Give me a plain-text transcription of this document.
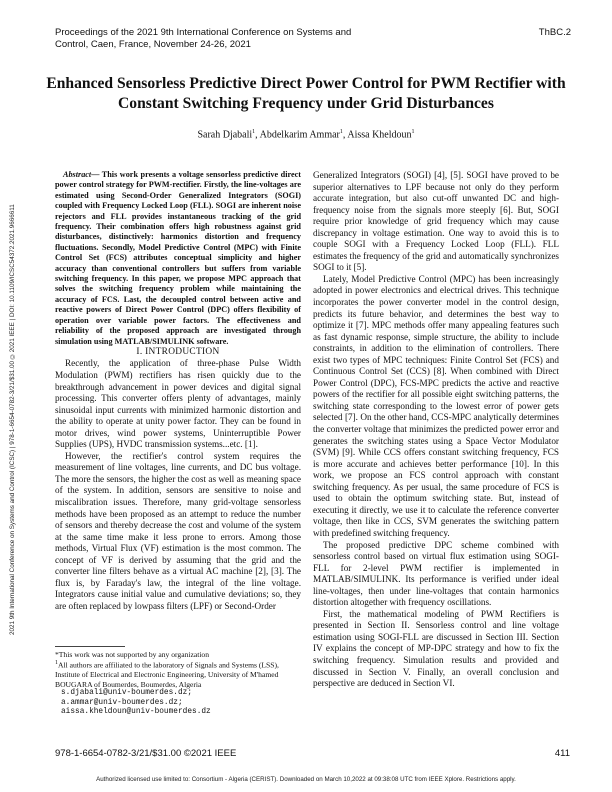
2021 9th International Conference on Systems and Control (ICSC) | 978-1-6654-0782-3/21/$31.00 ©2021 IEEE | DOI: 10.1109/ICSC54372.2021.9666611
Proceedings of the 2021 9th International Conference on Systems and Control, Caen, France, November 24-26, 2021
ThBC.2
Enhanced Sensorless Predictive Direct Power Control for PWM Rectifier with Constant Switching Frequency under Grid Disturbances
Sarah Djabali$^1$, Abdelkarim Ammar$^1$, Aissa Kheldoun$^1$

Abstract— This work presents a voltage sensorless predictive direct power control strategy for PWM-rectifier. Firstly, the line-voltages are estimated using Second-Order Generalized Integrators (SOGI) coupled with Frequency Locked Loop (FLL). SOGI are inherent noise rejectors and FLL provides instantaneous tracking of the grid frequency. Their combination offers high robustness against grid disturbances, distinctively: harmonics distortion and frequency fluctuations. Secondly, Model Predictive Control (MPC) with Finite Control Set (FCS) attributes conceptual simplicity and higher accuracy than conventional controllers but suffers from variable switching frequency. In this paper, we propose MPC approach that solves the switching frequency problem while maintaining the accuracy of FCS. Last, the decoupled control between active and reactive powers of Direct Power Control (DPC) offers flexibility of operation over variable power factors. The effectiveness and reliability of the proposed approach are investigated through simulation using MATLAB/SIMULINK software.

I. INTRODUCTION

Recently, the application of three-phase Pulse Width Modulation (PWM) rectifiers has risen quickly due to the breakthrough advancement in power devices and digital signal processing. This converter offers plenty of advantages, mainly sinusoidal input currents with minimized harmonic distortion and the ability to operate at unity power factor. They can be found in motor drives, wind power systems, Uninterruptible Power Supplies (UPS), HVDC transmission systems...etc. [1].

However, the rectifier's control system requires the measurement of line voltages, line currents, and DC bus voltage. The more the sensors, the higher the cost as well as meaning space of the system. In addition, sensors are sensitive to noise and miscalibration issues. Therefore, many grid-voltage sensorless methods have been proposed as an attempt to reduce the number of sensors and thereby decrease the cost and volume of the system at the same time make it less prone to errors. Among those methods, Virtual Flux (VF) estimation is the most common. The concept of VF is derived by assuming that the grid and the converter line filters behave as a virtual AC machine [2], [3]. The flux is, by Faraday's law, the integral of the line voltage. Integrators cause initial value and cumulative deviations; so, they are often replaced by lowpass filters (LPF) or Second-Order

Generalized Integrators (SOGI) [4], [5]. SOGI have proved to be superior alternatives to LPF because not only do they perform accurate integration, but also cut-off unwanted DC and high-frequency noise from the signals more steeply [6]. But, SOGI require prior knowledge of grid frequency which may cause discrepancy in voltage estimation. One way to avoid this is to couple SOGI with a Frequency Locked Loop (FLL). FLL estimates the frequency of the grid and automatically synchronizes SOGI to it [5].

Lately, Model Predictive Control (MPC) has been increasingly adopted in power electronics and electrical drives. This technique incorporates the power converter model in the control design, predicts its future behavior, and determines the best way to optimize it [7]. MPC methods offer many appealing features such as fast dynamic response, simple structure, the ability to include constraints, in addition to the elimination of controllers. There exist two types of MPC techniques: Finite Control Set (FCS) and Continuous Control Set (CCS) [8]. When combined with Direct Power Control (DPC), FCS-MPC predicts the active and reactive powers of the rectifier for all possible eight switching patterns, the switching state corresponding to the lowest error of power gets selected [7]. On the other hand, CCS-MPC analytically determines the converter voltage that minimizes the predicted power error and generates the switching states using a Space Vector Modulator (SVM) [9]. While CCS offers constant switching frequency, FCS is more accurate and achieves better performance [10]. In this work, we propose an FCS control approach with constant switching frequency. As per usual, the same procedure of FCS is used to obtain the optimum switching state. But, instead of executing it directly, we use it to calculate the reference converter voltage, then like in CCS, SVM generates the switching pattern with predefined switching frequency.

The proposed predictive DPC scheme combined with sensorless control based on virtual flux estimation using SOGI-FLL for 2-level PWM rectifier is implemented in MATLAB/SIMULINK. Its performance is verified under ideal line-voltages, then under line-voltages that contain harmonics distortion altogether with frequency oscillations.

First, the mathematical modeling of PWM Rectifiers is presented in Section II. Sensorless control and line voltage estimation using SOGI-FLL are discussed in Section III. Section IV explains the concept of MP-DPC strategy and how to fix the switching frequency. Simulation results and provided and discussed in Section V. Finally, an overall conclusion and perspective are deduced in Section VI.

*This work was not supported by any organization
$^1$All authors are affiliated to the laboratory of Signals and Systems (LSS), Institute of Electrical and Electronic Engineering, University of M'hamed BOUGARA of Boumerdes, Boumerdes, Algeria
s.djabali@univ-boumerdes.dz;
a.ammar@univ-boumerdes.dz;
aissa.kheldoun@univ-boumerdes.dz
978-1-6654-0782-3/21/$31.00 ©2021 IEEE	411
Authorized licensed use limited to: Consortium - Algeria (CERIST). Downloaded on March 10,2022 at 09:38:08 UTC from IEEE Xplore. Restrictions apply.
